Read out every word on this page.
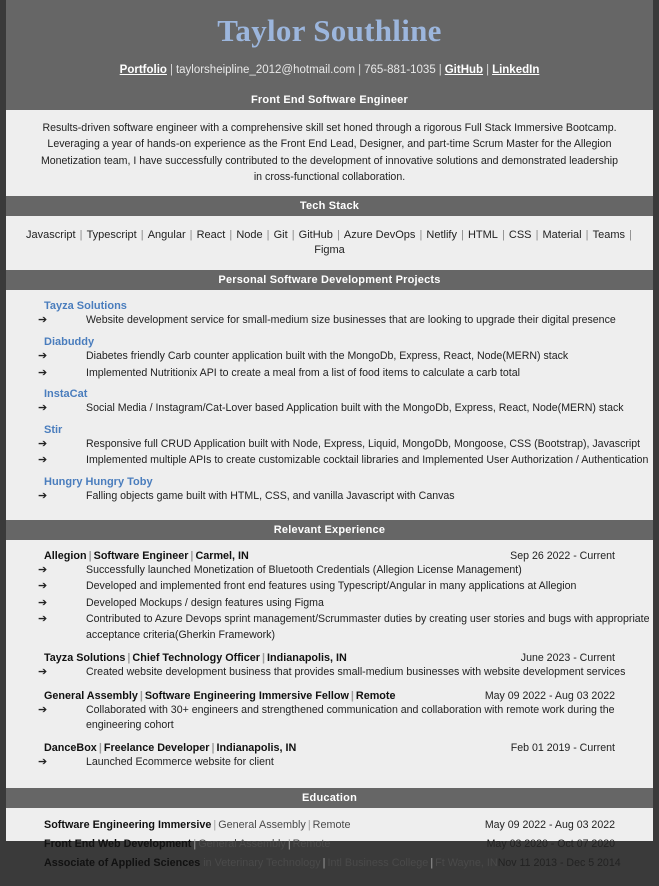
Taylor Southline
Portfolio | taylorsheipline_2012@hotmail.com | 765-881-1035 | GitHub | LinkedIn
Front End Software Engineer
Results-driven software engineer with a comprehensive skill set honed through a rigorous Full Stack Immersive Bootcamp. Leveraging a year of hands-on experience as the Front End Lead, Designer, and part-time Scrum Master for the Allegion Monetization team, I have successfully contributed to the development of innovative solutions and demonstrated leadership in cross-functional collaboration.
Tech Stack
Javascript | Typescript | Angular | React | Node | Git | GitHub | Azure DevOps | Netlify | HTML | CSS | Material | Teams | Figma
Personal Software Development Projects
Tayza Solutions
➔	Website development service for small-medium size businesses that are looking to upgrade their digital presence
Diabuddy
➔	Diabetes friendly Carb counter application built with the MongoDb, Express, React, Node(MERN) stack
➔	Implemented Nutritionix API to create a meal from a list of food items to calculate a carb total
InstaCat
➔	Social Media / Instagram/Cat-Lover based Application built with the MongoDb, Express, React, Node(MERN) stack
Stir
➔	Responsive full CRUD Application built with Node, Express, Liquid, MongoDb, Mongoose, CSS (Bootstrap), Javascript
➔	Implemented multiple APIs to create customizable cocktail libraries and Implemented User Authorization / Authentication
Hungry Hungry Toby
➔	Falling objects game built with HTML, CSS, and vanilla Javascript with Canvas
Relevant Experience
Allegion | Software Engineer | Carmel, IN	Sep 26 2022 - Current
➔	Successfully launched Monetization of Bluetooth Credentials (Allegion License Management)
➔	Developed and implemented front end features using Typescript/Angular in many applications at Allegion
➔	Developed Mockups / design features using Figma
➔	Contributed to Azure Devops sprint management/Scrummaster duties by creating user stories and bugs with appropriate acceptance criteria(Gherkin Framework)
Tayza Solutions | Chief Technology Officer | Indianapolis, IN	June 2023 - Current
➔	Created website development business that provides small-medium businesses with website development services
General Assembly | Software Engineering Immersive Fellow | Remote	May 09 2022 - Aug 03 2022
➔	Collaborated with 30+ engineers and strengthened communication and collaboration with remote work during the engineering cohort
DanceBox | Freelance Developer | Indianapolis, IN	Feb 01 2019 - Current
➔	Launched Ecommerce website for client
Education
Software Engineering Immersive | General Assembly | Remote	May 09 2022 - Aug 03 2022
Front End Web Development | General Assembly | Remote	May 03 2020 - Oct 07 2020
Associate of Applied Sciences in Veterinary Technology | Intl Business College | Ft Wayne, IN Nov 11 2013 - Dec 5 2014
